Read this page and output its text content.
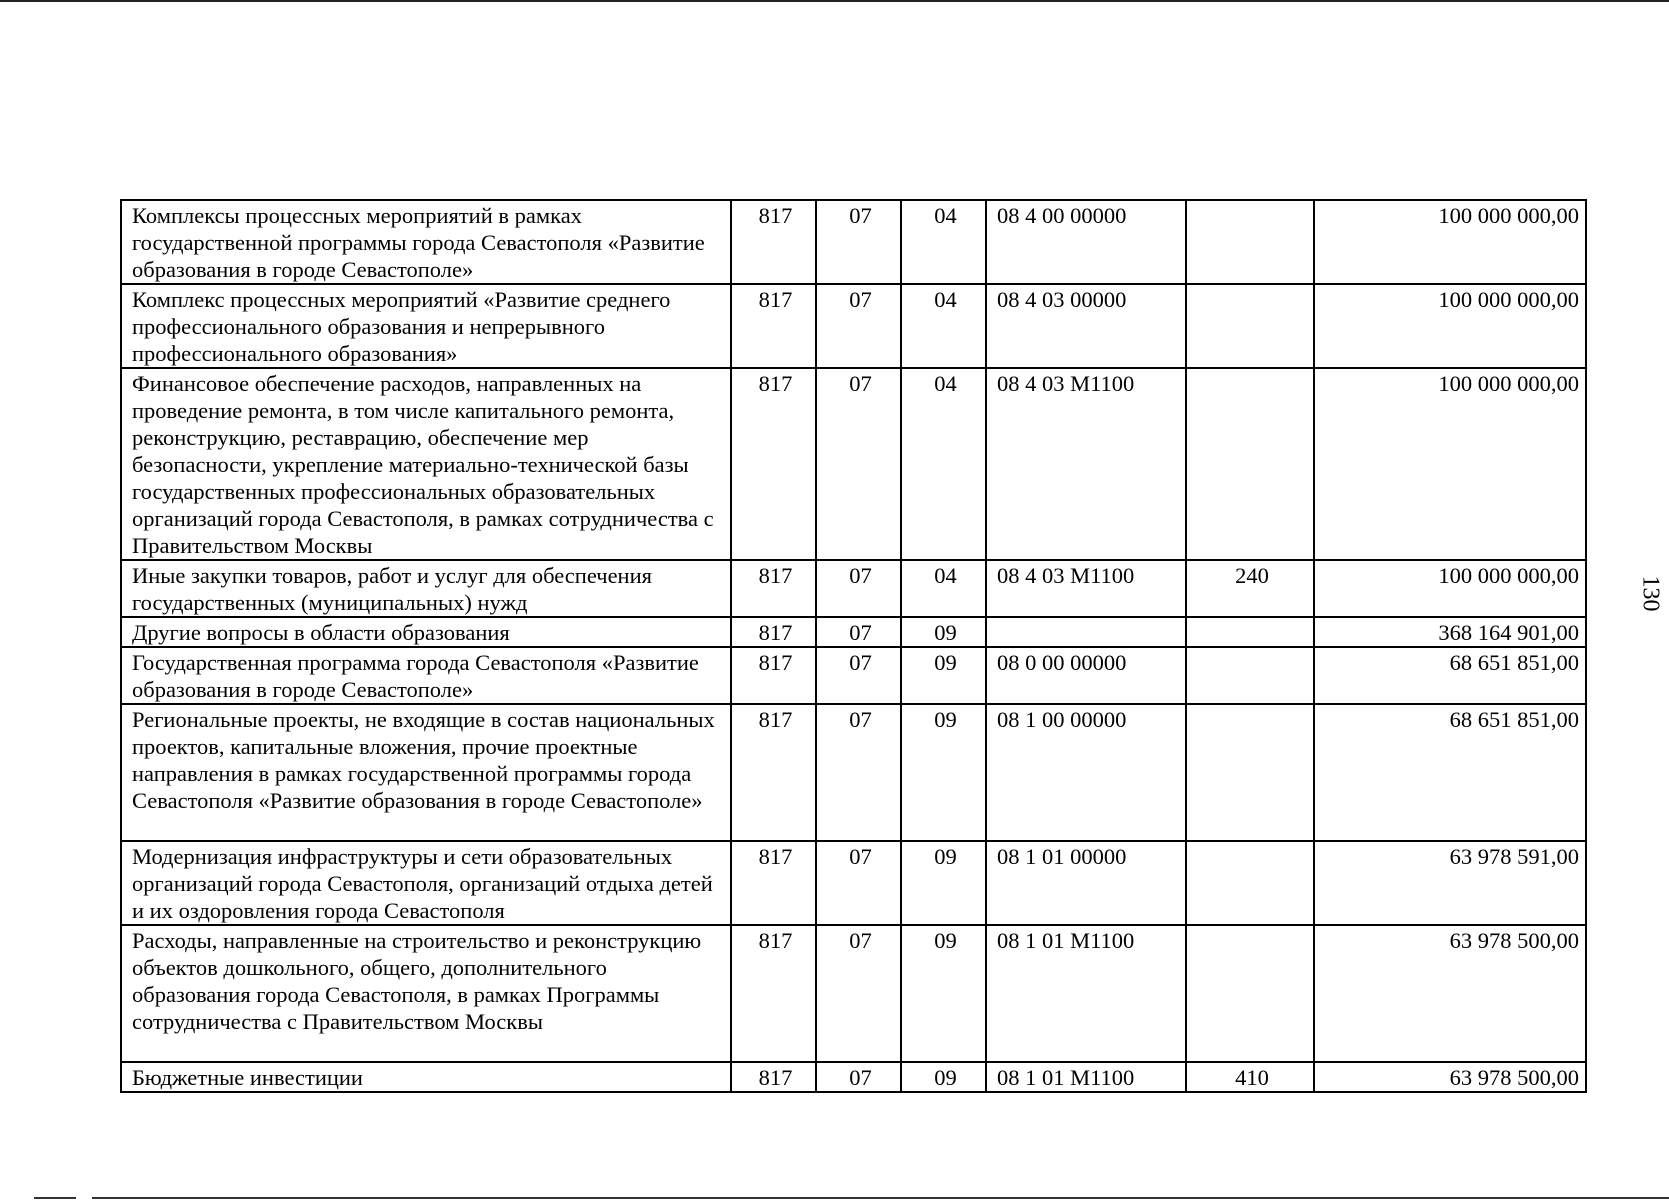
130
Комплексы процессных мероприятий в рамках государственной программы города Севастополя «Развитие образования в городе Севастополе»	817	07	04	08 4 00 00000		100 000 000,00
Комплекс процессных мероприятий «Развитие среднего профессионального образования и непрерывного профессионального образования»	817	07	04	08 4 03 00000		100 000 000,00
Финансовое обеспечение расходов, направленных на проведение ремонта, в том числе капитального ремонта, реконструкцию, реставрацию, обеспечение мер безопасности, укрепление материально-технической базы государственных профессиональных образовательных организаций города Севастополя, в рамках сотрудничества с Правительством Москвы	817	07	04	08 4 03 М1100		100 000 000,00
Иные закупки товаров, работ и услуг для обеспечения государственных (муниципальных) нужд	817	07	04	08 4 03 М1100	240	100 000 000,00
Другие вопросы в области образования	817	07	09			368 164 901,00
Государственная программа города Севастополя «Развитие образования в городе Севастополе»	817	07	09	08 0 00 00000		68 651 851,00
Региональные проекты, не входящие в состав национальных проектов, капитальные вложения, прочие проектные направления в рамках государственной программы города Севастополя «Развитие образования в городе Севастополе»	817	07	09	08 1 00 00000		68 651 851,00
Модернизация инфраструктуры и сети образовательных организаций города Севастополя, организаций отдыха детей и их оздоровления города Севастополя	817	07	09	08 1 01 00000		63 978 591,00
Расходы, направленные на строительство и реконструкцию объектов дошкольного, общего, дополнительного образования города Севастополя, в рамках Программы сотрудничества с Правительством Москвы	817	07	09	08 1 01 М1100		63 978 500,00
Бюджетные инвестиции	817	07	09	08 1 01 М1100	410	63 978 500,00
